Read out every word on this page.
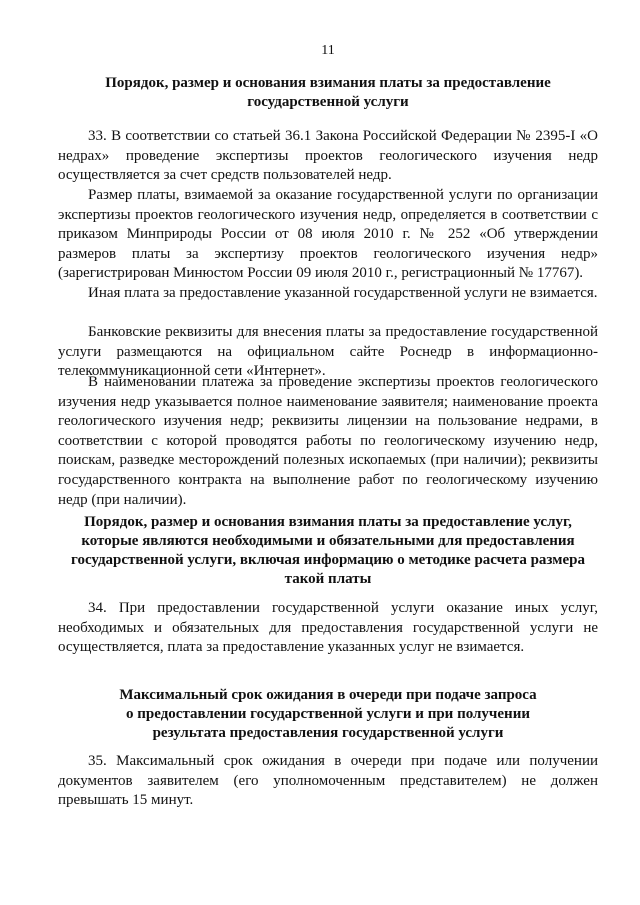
11
Порядок, размер и основания взимания платы за предоставление
государственной услуги

33. В соответствии со статьей 36.1 Закона Российской Федерации № 2395-I «О недрах» проведение экспертизы проектов геологического изучения недр осуществляется за счет средств пользователей недр.

Размер платы, взимаемой за оказание государственной услуги по организации экспертизы проектов геологического изучения недр, определяется в соответствии с приказом Минприроды России от 08 июля 2010 г. № 252 «Об утверждении размеров платы за экспертизу проектов геологического изучения недр» (зарегистрирован Минюстом России 09 июля 2010 г., регистрационный № 17767).

Иная плата за предоставление указанной государственной услуги не взимается.

Банковские реквизиты для внесения платы за предоставление государственной услуги размещаются на официальном сайте Роснедр в информационно-телекоммуникационной сети «Интернет».

В наименовании платежа за проведение экспертизы проектов геологического изучения недр указывается полное наименование заявителя; наименование проекта геологического изучения недр; реквизиты лицензии на пользование недрами, в соответствии с которой проводятся работы по геологическому изучению недр, поискам, разведке месторождений полезных ископаемых (при наличии); реквизиты государственного контракта на выполнение работ по геологическому изучению недр (при наличии).

Порядок, размер и основания взимания платы за предоставление услуг,
которые являются необходимыми и обязательными для предоставления
государственной услуги, включая информацию о методике расчета размера
такой платы

34. При предоставлении государственной услуги оказание иных услуг, необходимых и обязательных для предоставления государственной услуги не осуществляется, плата за предоставление указанных услуг не взимается.

Максимальный срок ожидания в очереди при подаче запроса
о предоставлении государственной услуги и при получении
результата предоставления государственной услуги

35. Максимальный срок ожидания в очереди при подаче или получении документов заявителем (его уполномоченным представителем) не должен превышать 15 минут.
